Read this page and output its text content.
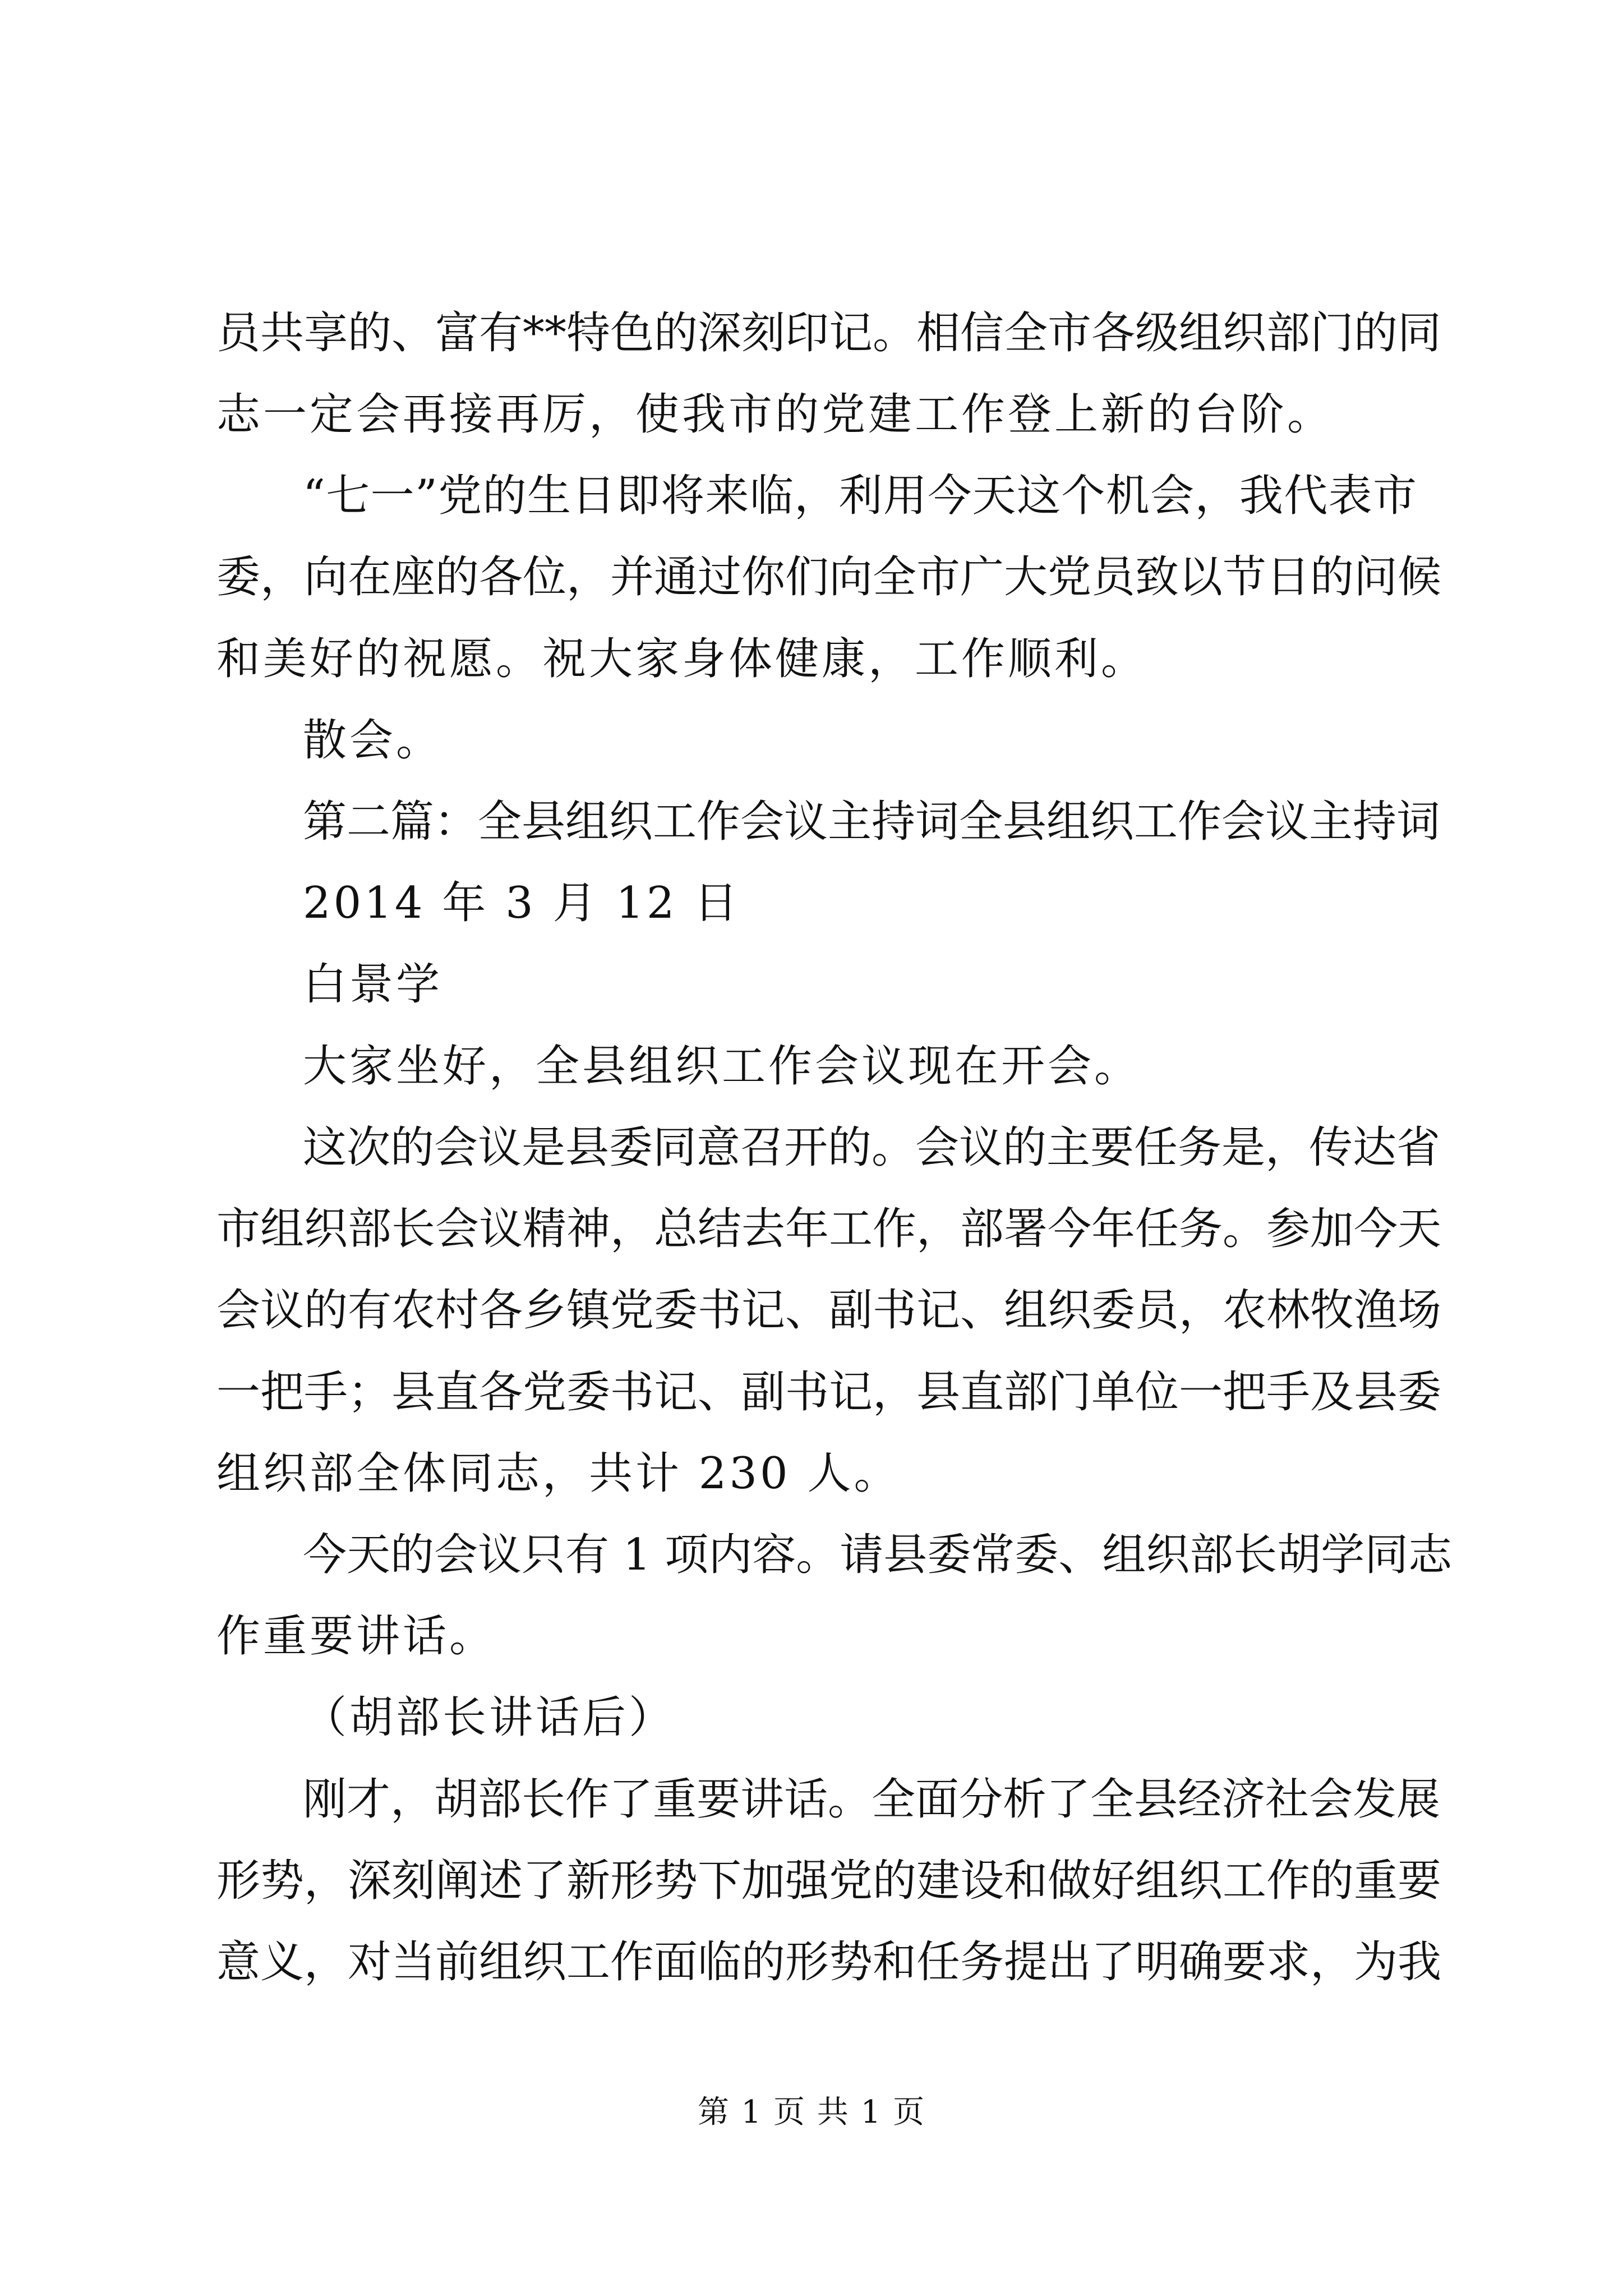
员共享的、富有**特色的深刻印记。相信全市各级组织部门的同

志一定会再接再厉，使我市的党建工作登上新的台阶。

“七一”党的生日即将来临，利用今天这个机会，我代表市

委，向在座的各位，并通过你们向全市广大党员致以节日的问候

和美好的祝愿。祝大家身体健康，工作顺利。

散会。

第二篇：全县组织工作会议主持词全县组织工作会议主持词

2014 年 3 月 12 日

白景学

大家坐好，全县组织工作会议现在开会。

这次的会议是县委同意召开的。会议的主要任务是，传达省

市组织部长会议精神，总结去年工作，部署今年任务。参加今天

会议的有农村各乡镇党委书记、副书记、组织委员，农林牧渔场

一把手；县直各党委书记、副书记，县直部门单位一把手及县委

组织部全体同志，共计 230 人。

今天的会议只有 1 项内容。请县委常委、组织部长胡学同志

作重要讲话。

（胡部长讲话后）

刚才，胡部长作了重要讲话。全面分析了全县经济社会发展

形势，深刻阐述了新形势下加强党的建设和做好组织工作的重要

意义，对当前组织工作面临的形势和任务提出了明确要求，为我

第 1 页 共 1 页
